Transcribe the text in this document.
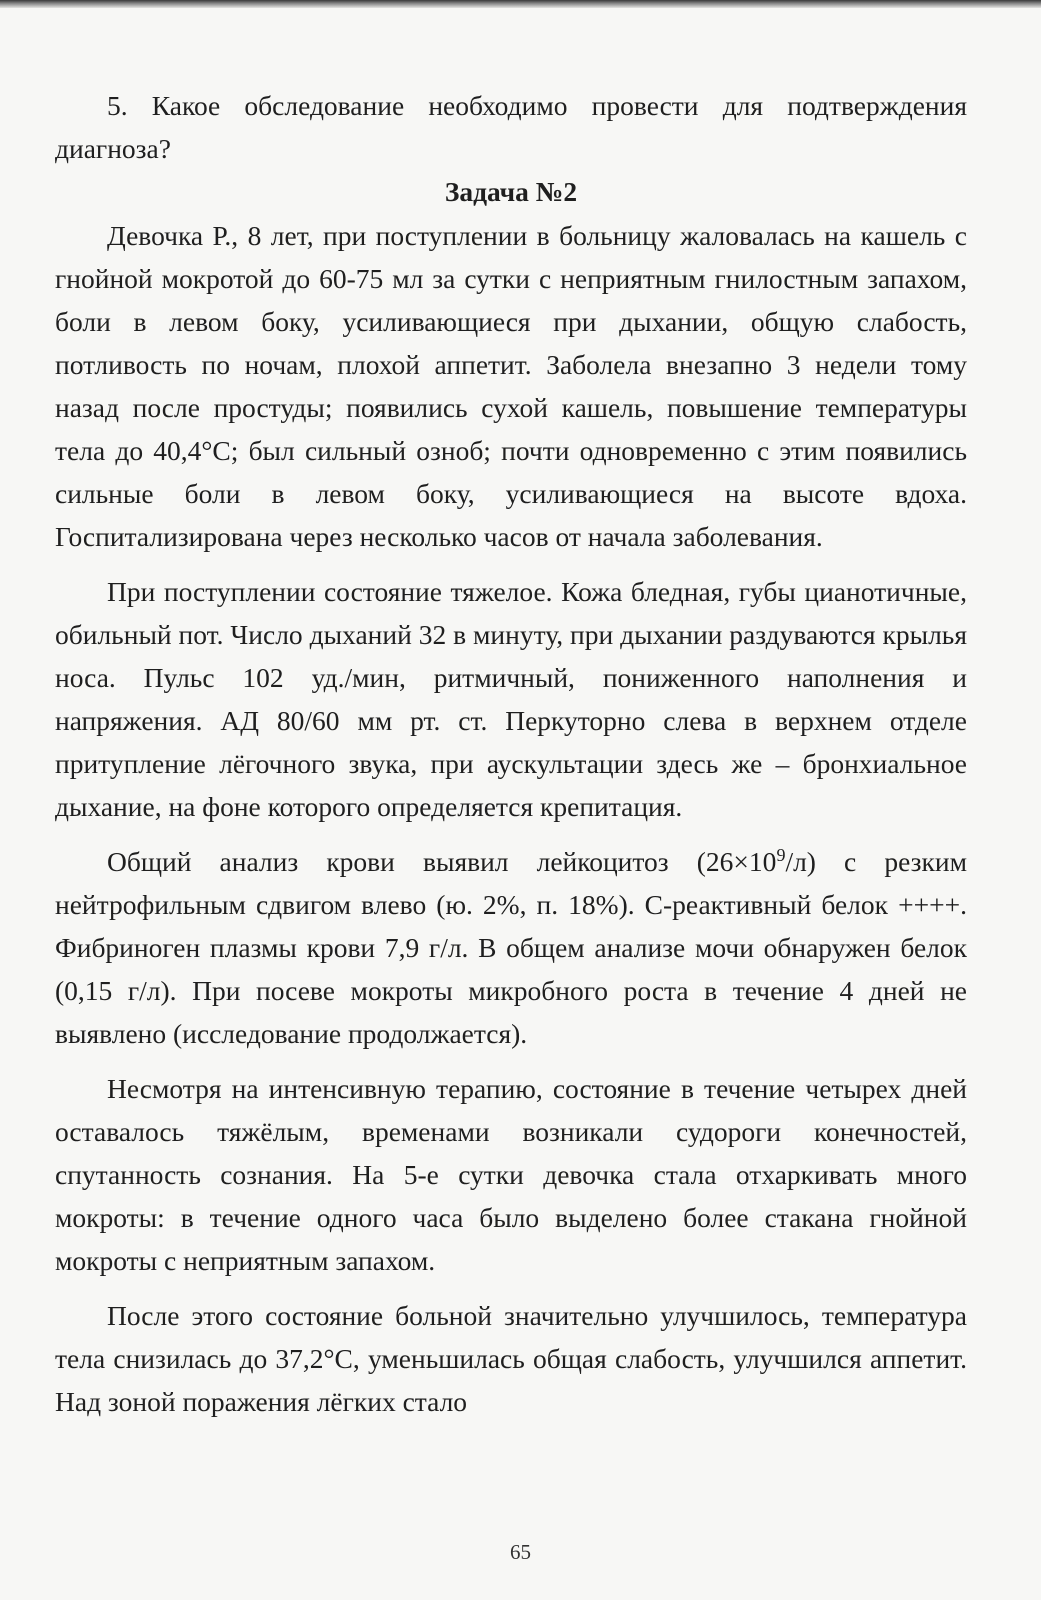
5. Какое обследование необходимо провести для подтверждения диагноза?

Задача №2

Девочка Р., 8 лет, при поступлении в больницу жаловалась на кашель с гнойной мокротой до 60-75 мл за сутки с неприятным гнилостным запахом, боли в левом боку, усиливающиеся при дыхании, общую слабость, потливость по ночам, плохой аппетит. Заболела внезапно 3 недели тому назад после простуды; появились сухой кашель, повышение температуры тела до 40,4°С; был сильный озноб; почти одновременно с этим появились сильные боли в левом боку, усиливающиеся на высоте вдоха. Госпитализирована через несколько часов от начала заболевания.

При поступлении состояние тяжелое. Кожа бледная, губы цианотичные, обильный пот. Число дыханий 32 в минуту, при дыхании раздуваются крылья носа. Пульс 102 уд./мин, ритмичный, пониженного наполнения и напряжения. АД 80/60 мм рт. ст. Перкуторно слева в верхнем отделе притупление лёгочного звука, при аускультации здесь же – бронхиальное дыхание, на фоне которого определяется крепитация.

Общий анализ крови выявил лейкоцитоз $(26\times 10^9/л)$ с резким нейтрофильным сдвигом влево (ю. 2%, п. 18%). С-реактивный белок ++++. Фибриноген плазмы крови 7,9 г/л. В общем анализе мочи обнаружен белок (0,15 г/л). При посеве мокроты микробного роста в течение 4 дней не выявлено (исследование продолжается).

Несмотря на интенсивную терапию, состояние в течение четырех дней оставалось тяжёлым, временами возникали судороги конечностей, спутанность сознания. На 5-е сутки девочка стала отхаркивать много мокроты: в течение одного часа было выделено более стакана гнойной мокроты с неприятным запахом.

После этого состояние больной значительно улучшилось, температура тела снизилась до 37,2°С, уменьшилась общая слабость, улучшился аппетит. Над зоной поражения лёгких стало

65
